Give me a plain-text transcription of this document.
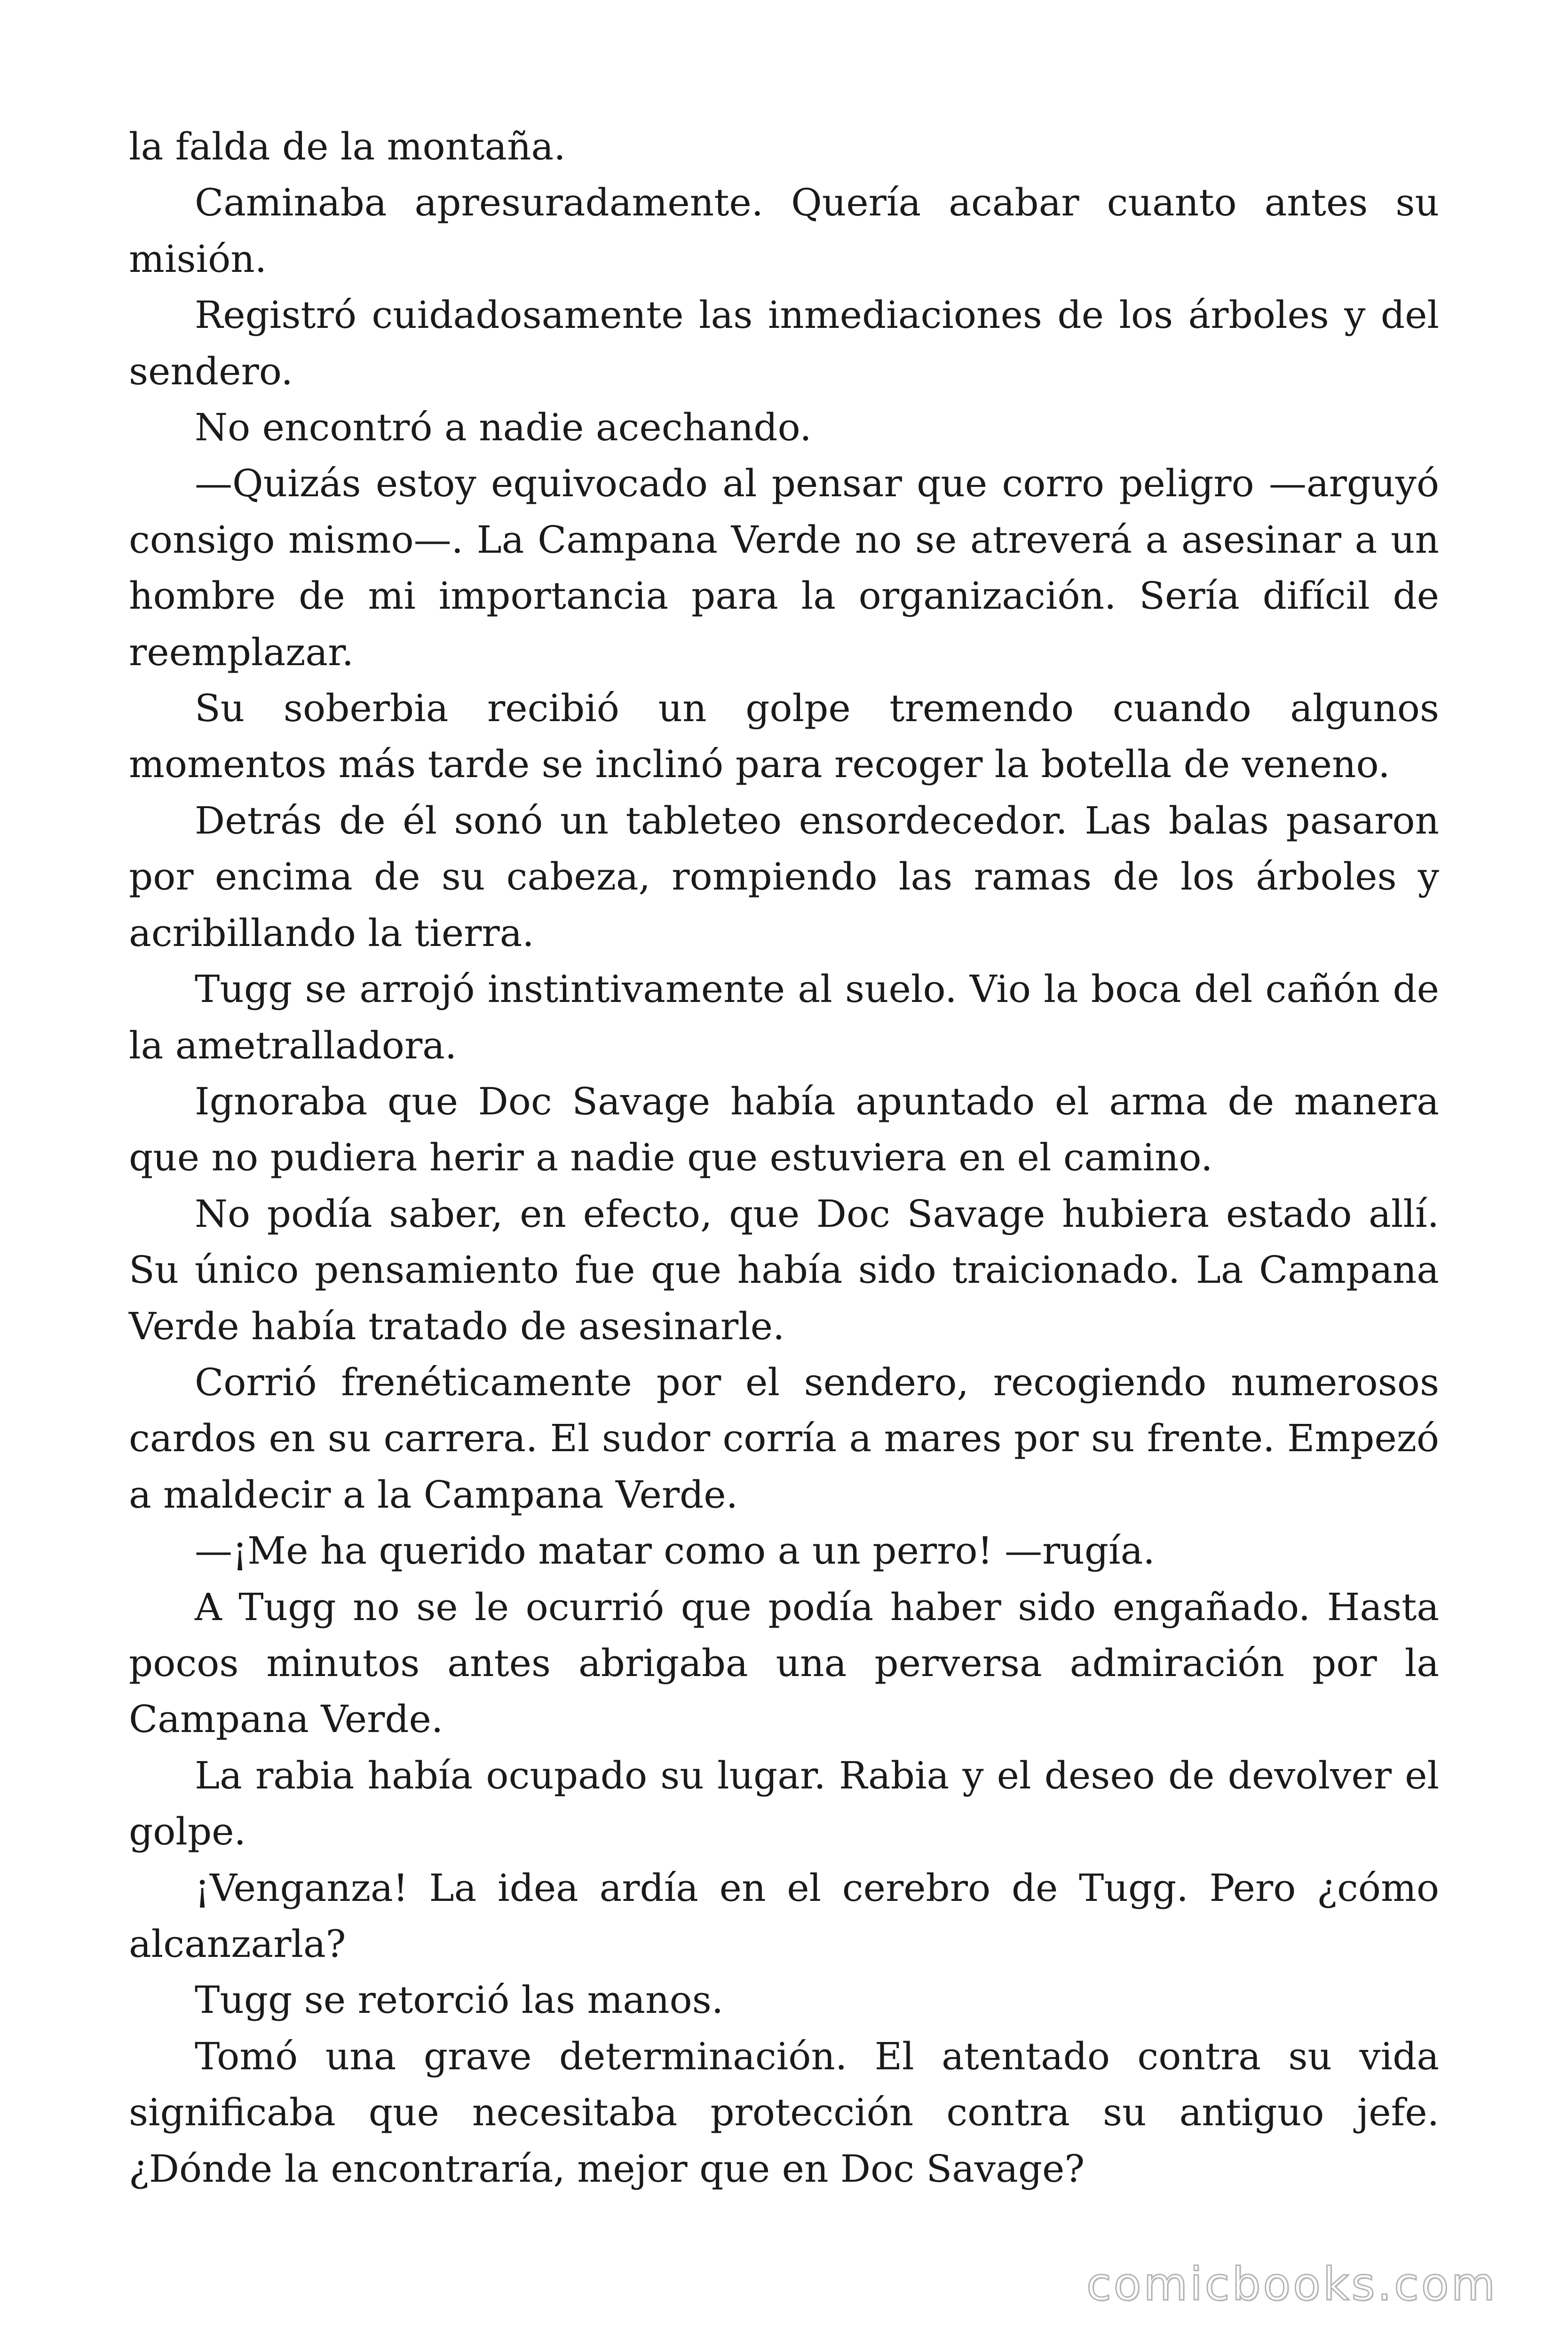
la falda de la montaña.

Caminaba apresuradamente. Quería acabar cuanto antes su misión.

Registró cuidadosamente las inmediaciones de los árboles y del sendero.

No encontró a nadie acechando.

—Quizás estoy equivocado al pensar que corro peligro —arguyó consigo mismo—. La Campana Verde no se atreverá a asesinar a un hombre de mi importancia para la organización. Sería difícil de reemplazar.

Su soberbia recibió un golpe tremendo cuando algunos momentos más tarde se inclinó para recoger la botella de veneno.

Detrás de él sonó un tableteo ensordecedor. Las balas pasaron por encima de su cabeza, rompiendo las ramas de los árboles y acribillando la tierra.

Tugg se arrojó instintivamente al suelo. Vio la boca del cañón de la ametralladora.

Ignoraba que Doc Savage había apuntado el arma de manera que no pudiera herir a nadie que estuviera en el camino.

No podía saber, en efecto, que Doc Savage hubiera estado allí. Su único pensamiento fue que había sido traicionado. La Campana Verde había tratado de asesinarle.

Corrió frenéticamente por el sendero, recogiendo numerosos cardos en su carrera. El sudor corría a mares por su frente. Empezó a maldecir a la Campana Verde.

—¡Me ha querido matar como a un perro! —rugía.

A Tugg no se le ocurrió que podía haber sido engañado. Hasta pocos minutos antes abrigaba una perversa admiración por la Campana Verde.

La rabia había ocupado su lugar. Rabia y el deseo de devolver el golpe.

¡Venganza! La idea ardía en el cerebro de Tugg. Pero ¿cómo alcanzarla?

Tugg se retorció las manos.

Tomó una grave determinación. El atentado contra su vida significaba que necesitaba protección contra su antiguo jefe. ¿Dónde la encontraría, mejor que en Doc Savage?

comicbooks.com
